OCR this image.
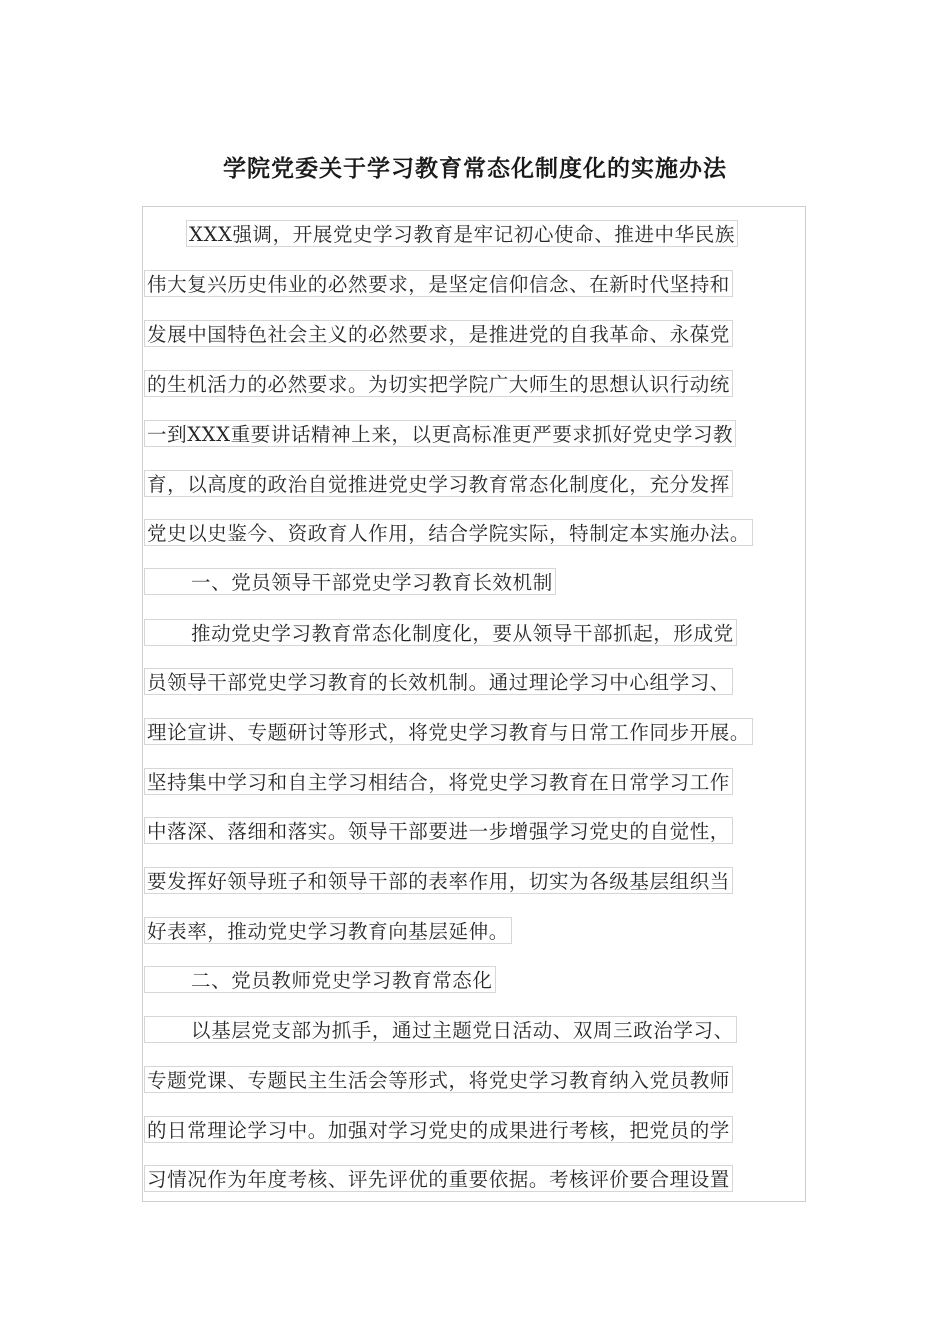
学院党委关于学习教育常态化制度化的实施办法
XXX强调，开展党史学习教育是牢记初心使命、推进中华民族
伟大复兴历史伟业的必然要求，是坚定信仰信念、在新时代坚持和
发展中国特色社会主义的必然要求，是推进党的自我革命、永葆党
的生机活力的必然要求。为切实把学院广大师生的思想认识行动统
一到XXX重要讲话精神上来，以更高标准更严要求抓好党史学习教
育，以高度的政治自觉推进党史学习教育常态化制度化，充分发挥
党史以史鉴今、资政育人作用，结合学院实际，特制定本实施办法。
一、党员领导干部党史学习教育长效机制
推动党史学习教育常态化制度化，要从领导干部抓起，形成党
员领导干部党史学习教育的长效机制。通过理论学习中心组学习、
理论宣讲、专题研讨等形式，将党史学习教育与日常工作同步开展。
坚持集中学习和自主学习相结合，将党史学习教育在日常学习工作
中落深、落细和落实。领导干部要进一步增强学习党史的自觉性，
要发挥好领导班子和领导干部的表率作用，切实为各级基层组织当
好表率，推动党史学习教育向基层延伸。
二、党员教师党史学习教育常态化
以基层党支部为抓手，通过主题党日活动、双周三政治学习、
专题党课、专题民主生活会等形式，将党史学习教育纳入党员教师
的日常理论学习中。加强对学习党史的成果进行考核，把党员的学
习情况作为年度考核、评先评优的重要依据。考核评价要合理设置
